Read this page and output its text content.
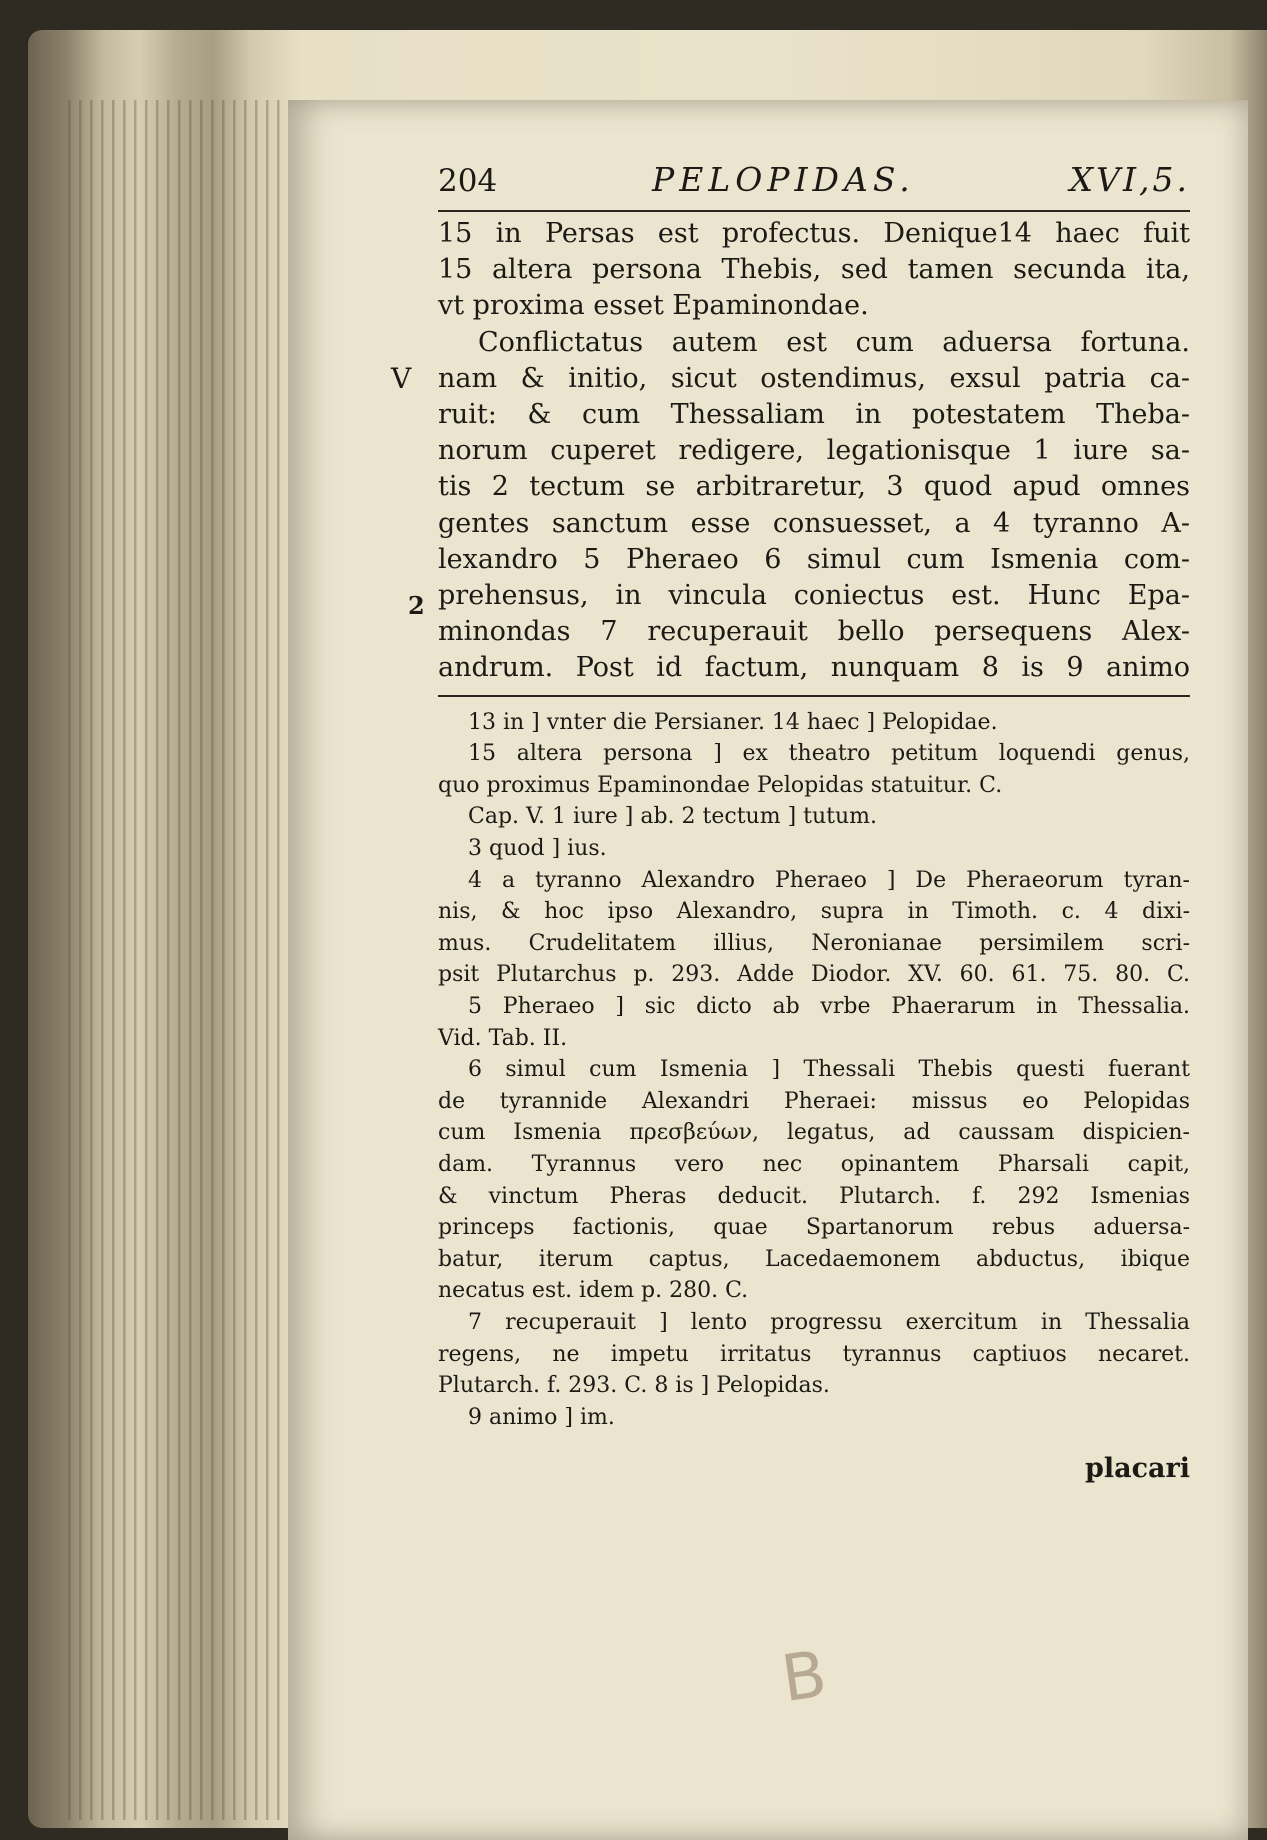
204	PELOPIDAS.	XVI,5.
V
2
15 in Persas est profectus. Denique14 haec fuit
15 altera persona Thebis, sed tamen secunda ita,
vt proxima esset Epaminondae.
Conflictatus autem est cum aduersa fortuna.
nam & initio, sicut ostendimus, exsul patria ca-
ruit: & cum Thessaliam in potestatem Theba-
norum cuperet redigere, legationisque 1 iure sa-
tis 2 tectum se arbitraretur, 3 quod apud omnes
gentes sanctum esse consuesset, a 4 tyranno A-
lexandro 5 Pheraeo 6 simul cum Ismenia com-
prehensus, in vincula coniectus est. Hunc Epa-
minondas 7 recuperauit bello persequens Alex-
andrum. Post id factum, nunquam 8 is 9 animo
13 in ] vnter die Persianer. 14 haec ] Pelopidae.
15 altera persona ] ex theatro petitum loquendi genus,
quo proximus Epaminondae Pelopidas statuitur. C.
Cap. V. 1 iure ] ab. 2 tectum ] tutum.
3 quod ] ius.
4 a tyranno Alexandro Pheraeo ] De Pheraeorum tyran-
nis, & hoc ipso Alexandro, supra in Timoth. c. 4 dixi-
mus. Crudelitatem illius, Neronianae persimilem scri-
psit Plutarchus p. 293. Adde Diodor. XV. 60. 61. 75. 80. C.
5 Pheraeo ] sic dicto ab vrbe Phaerarum in Thessalia.
Vid. Tab. II.
6 simul cum Ismenia ] Thessali Thebis questi fuerant
de tyrannide Alexandri Pheraei: missus eo Pelopidas
cum Ismenia πρεσβεύων, legatus, ad caussam dispicien-
dam. Tyrannus vero nec opinantem Pharsali capit,
& vinctum Pheras deducit. Plutarch. f. 292 Ismenias
princeps factionis, quae Spartanorum rebus aduersa-
batur, iterum captus, Lacedaemonem abductus, ibique
necatus est. idem p. 280. C.
7 recuperauit ] lento progressu exercitum in Thessalia
regens, ne impetu irritatus tyrannus captiuos necaret.
Plutarch. f. 293. C. 8 is ] Pelopidas.
9 animo ] im.
placari
B
